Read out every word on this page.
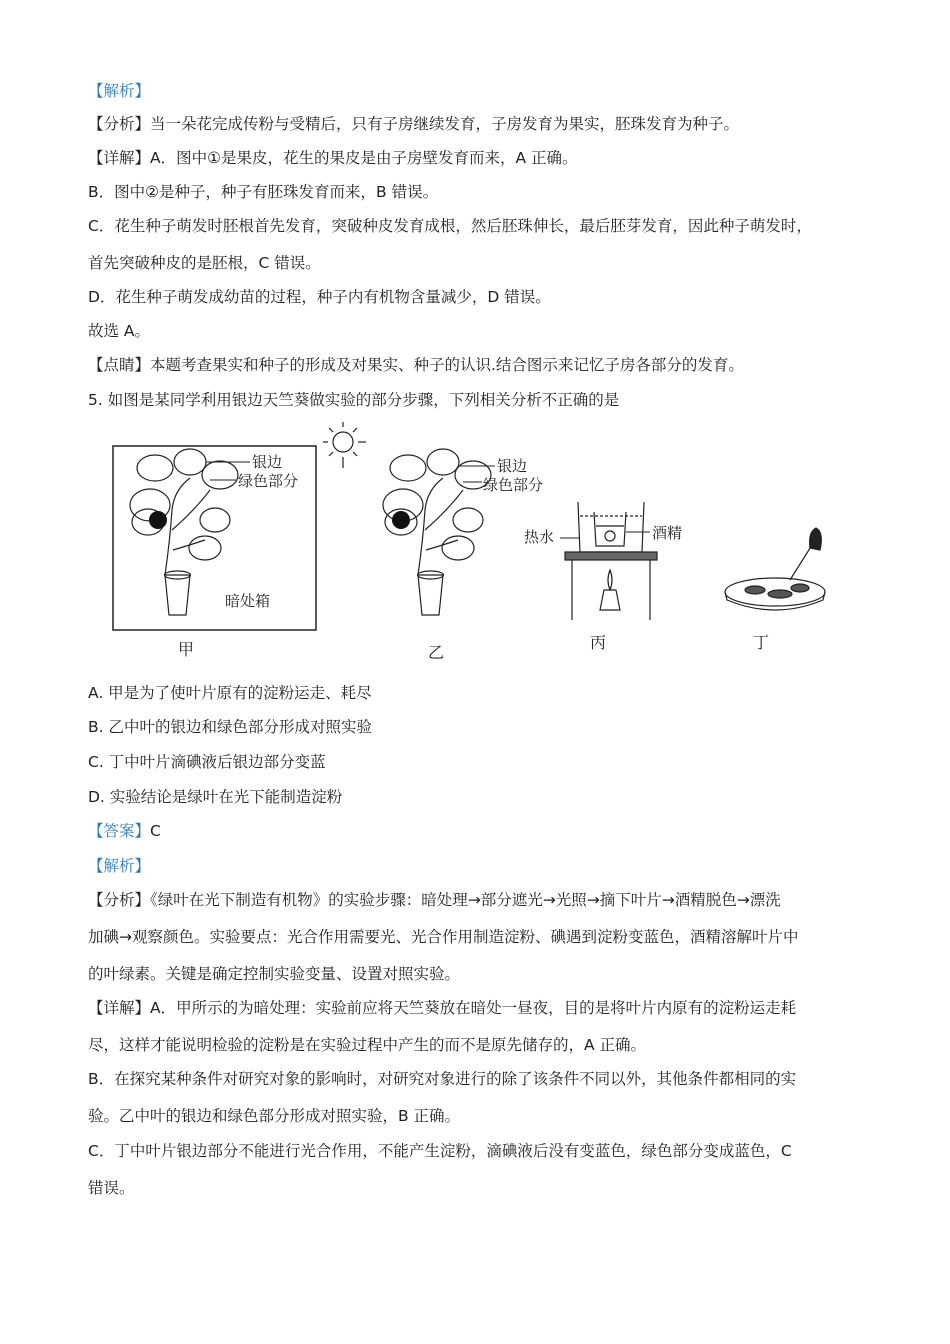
【解析】
【分析】当一朵花完成传粉与受精后，只有子房继续发育，子房发育为果实，胚珠发育为种子。
【详解】A．图中①是果皮，花生的果皮是由子房壁发育而来，A 正确。
B．图中②是种子，种子有胚珠发育而来，B 错误。
C．花生种子萌发时胚根首先发育，突破种皮发育成根，然后胚珠伸长，最后胚芽发育，因此种子萌发时，
首先突破种皮的是胚根，C 错误。
D．花生种子萌发成幼苗的过程，种子内有机物含量减少，D 错误。
故选 A。
【点睛】本题考查果实和种子的形成及对果实、种子的认识.结合图示来记忆子房各部分的发育。
5. 如图是某同学利用银边天竺葵做实验的部分步骤，下列相关分析不正确的是
银边
绿色部分
暗处箱
甲
银边
绿色部分
乙
热水	酒精
丙	丁
A. 甲是为了使叶片原有的淀粉运走、耗尽
B. 乙中叶的银边和绿色部分形成对照实验
C. 丁中叶片滴碘液后银边部分变蓝
D. 实验结论是绿叶在光下能制造淀粉
【答案】C
【解析】
【分析】《绿叶在光下制造有机物》的实验步骤：暗处理→部分遮光→光照→摘下叶片→酒精脱色→漂洗
加碘→观察颜色。实验要点：光合作用需要光、光合作用制造淀粉、碘遇到淀粉变蓝色，酒精溶解叶片中
的叶绿素。关键是确定控制实验变量、设置对照实验。
【详解】A．甲所示的为暗处理：实验前应将天竺葵放在暗处一昼夜，目的是将叶片内原有的淀粉运走耗
尽，这样才能说明检验的淀粉是在实验过程中产生的而不是原先储存的，A 正确。
B．在探究某种条件对研究对象的影响时，对研究对象进行的除了该条件不同以外，其他条件都相同的实
验。乙中叶的银边和绿色部分形成对照实验，B 正确。
C．丁中叶片银边部分不能进行光合作用，不能产生淀粉，滴碘液后没有变蓝色，绿色部分变成蓝色，C
错误。
